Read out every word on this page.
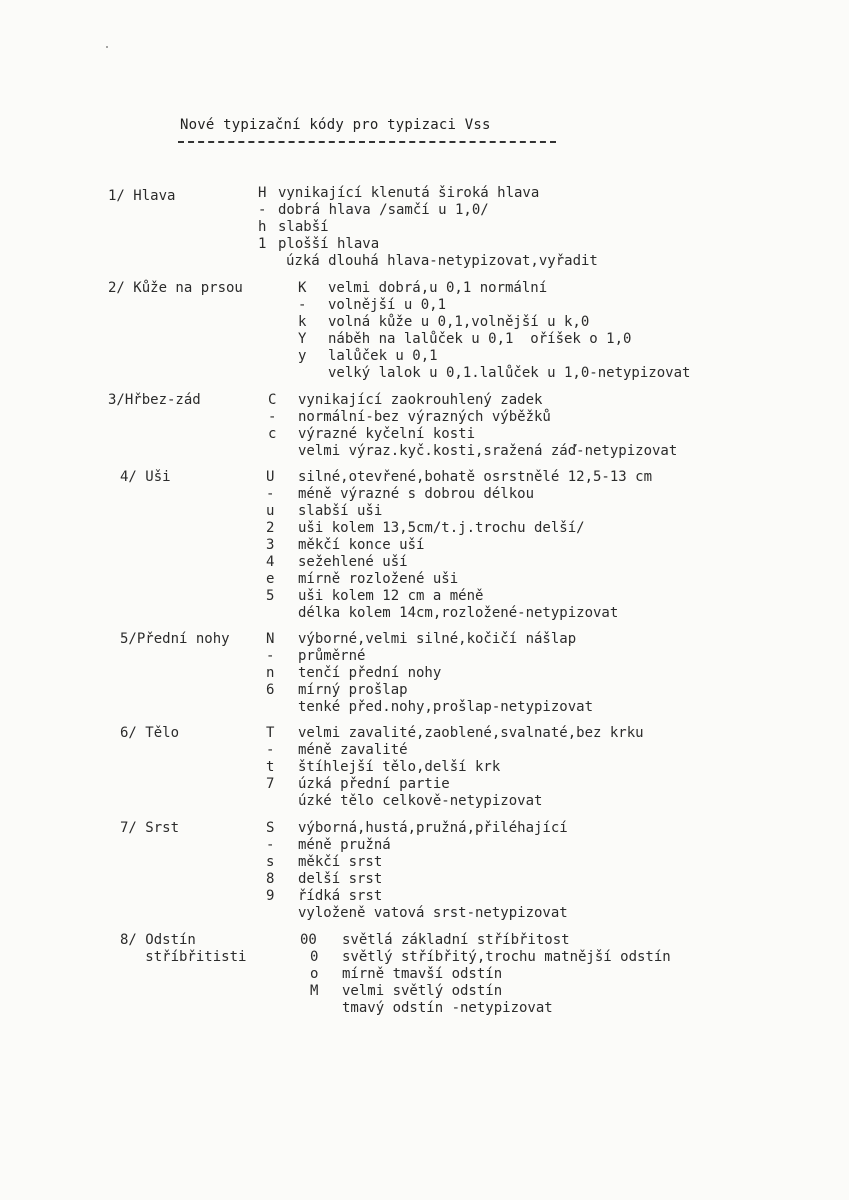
Nové typizační kódy pro typizaci Vss
1/ Hlava	H vynikající klenutá široká hlava
- dobrá hlava /samčí u 1,0/
h slabší
1 plošší hlava
úzká dlouhá hlava-netypizovat,vyřadit
2/ Kůže na prsou	K velmi dobrá,u 0,1 normální
- volnější u 0,1
k volná kůže u 0,1,volnější u k,0
Y náběh na lalůček u 0,1  oříšek o 1,0
y lalůček u 0,1
velký lalok u 0,1.lalůček u 1,0-netypizovat
3/Hřbez-zád	C vynikající zaokrouhlený zadek
- normální-bez výrazných výběžků
c výrazné kyčelní kosti
velmi výraz.kyč.kosti,sražená záď-netypizovat
4/ Uši	U silné,otevřené,bohatě osrstnělé 12,5-13 cm
- méně výrazné s dobrou délkou
u slabší uši
2 uši kolem 13,5cm/t.j.trochu delší/
3 měkčí konce uší
4 sežehlené uší
e mírně rozložené uši
5 uši kolem 12 cm a méně
délka kolem 14cm,rozložené-netypizovat
5/Přední nohy	N výborné,velmi silné,kočičí nášlap
- průměrné
n tenčí přední nohy
6 mírný prošlap
tenké před.nohy,prošlap-netypizovat
6/ Tělo	T velmi zavalité,zaoblené,svalnaté,bez krku
- méně zavalité
t štíhlejší tělo,delší krk
7 úzká přední partie
úzké tělo celkově-netypizovat
7/ Srst	S výborná,hustá,pružná,přiléhající
- méně pružná
s měkčí srst
8 delší srst
9 řídká srst
vyloženě vatová srst-netypizovat
8/ Odstín
stříbřitisti
00 světlá základní stříbřitost
0 světlý stříbřitý,trochu matnější odstín
o mírně tmavší odstín
M velmi světlý odstín
tmavý odstín -netypizovat
